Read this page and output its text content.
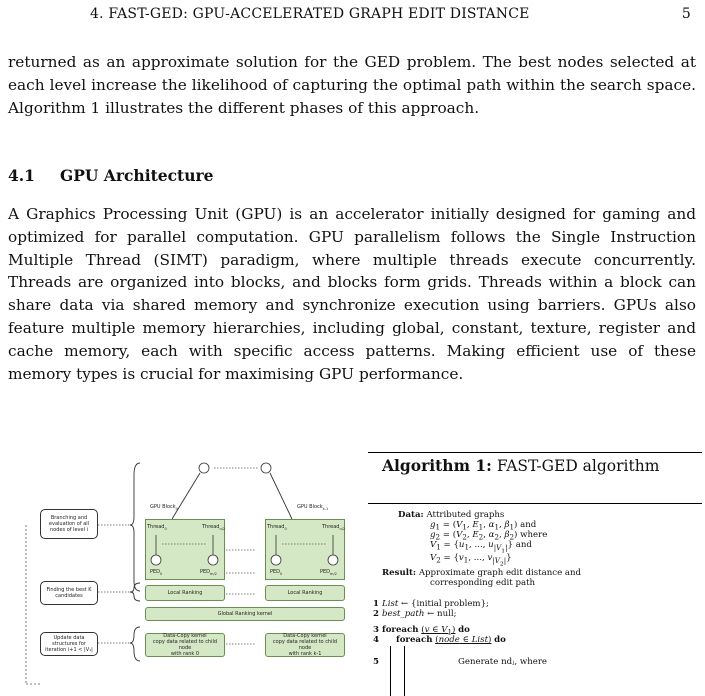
4. FAST-GED: GPU-ACCELERATED GRAPH EDIT DISTANCE	5

returned as an approximate solution for the GED problem. The best nodes selected at each level increase the likelihood of capturing the optimal path within the search space. Algorithm 1 illustrates the different phases of this approach.

4.1 GPU Architecture

A Graphics Processing Unit (GPU) is an accelerator initially designed for gaming and optimized for parallel computation. GPU parallelism follows the Single Instruction Multiple Thread (SIMT) paradigm, where multiple threads execute concurrently. Threads are organized into blocks, and blocks form grids. Threads within a block can share data via shared memory and synchronize execution using barriers. GPUs also feature multiple memory hierarchies, including global, constant, texture, register and cache memory, each with specific access patterns. Making efficient use of these memory types is crucial for maximising GPU performance.

Branching and evaluation of all nodes of level i
Finding the best K candidates
Update data structures for iteration i+1 < |V₁|
GPU Block$_0$	GPU Block$_{k-1}$
Thread$_0$	Thread$_{n/2}$	Thread$_0$	Thread$_{n/2}$
$PED_0$	$PED_{m/2}$	$PED_0$	$PED_{m/2}$
Local Ranking	Local Ranking
Global Ranking kernel
Data-Copy kernel
copy data related to child node
with rank 0
Data-Copy kernel
copy data related to child node
with rank k-1
Algorithm 1: FAST-GED algorithm
Data: Attributed graphs
$g_1 = (V_1$, $E_1$, $\alpha_1$, $\beta_1$) and
$g_2 = (V_2$, $E_2$, $\alpha_2$, $\beta_2$) where
$V_1 = \{u_1$, ..., $u_{|V_1|}$} and
$V_2 = \{v_1$, ..., $v_{|V_2|}$}
Result: Approximate graph edit distance and
corresponding edit path
1 List ← {initial problem};
2 best_path ← null;
3 foreach (v ∈ $V_1$) do
4 foreach (node ∈ List) do
5	Generate ndⱼ, where
